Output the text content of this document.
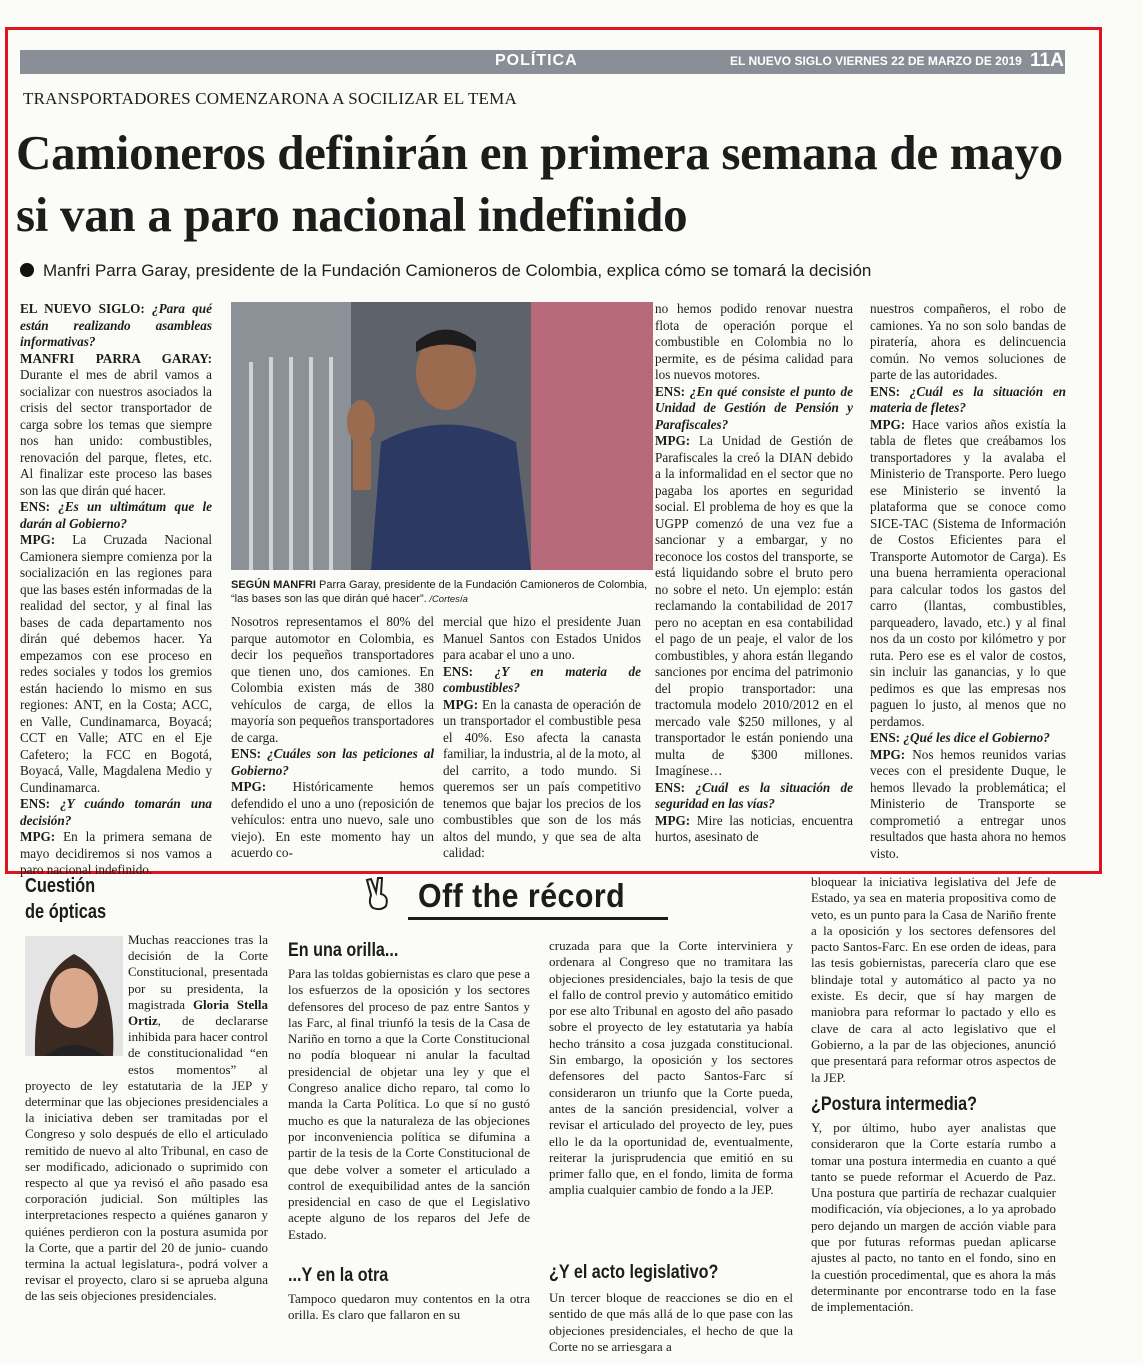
POLÍTICA	EL NUEVO SIGLO VIERNES 22 DE MARZO DE 2019 11A
TRANSPORTADORES COMENZARONA A SOCILIZAR EL TEMA
Camioneros definirán en primera semana de mayo si van a paro nacional indefinido
Manfri Parra Garay, presidente de la Fundación Camioneros de Colombia, explica cómo se tomará la decisión

EL NUEVO SIGLO: ¿Para qué están realizando asambleas informativas?

MANFRI PARRA GARAY: Durante el mes de abril vamos a socializar con nuestros asociados la crisis del sector transportador de carga sobre los temas que siempre nos han unido: combustibles, renovación del parque, fletes, etc. Al finalizar este proceso las bases son las que dirán qué hacer.

ENS: ¿Es un ultimátum que le darán al Gobierno?

MPG: La Cruzada Nacional Camionera siempre comienza por la socialización en las regiones para que las bases estén informadas de la realidad del sector, y al final las bases de cada departamento nos dirán qué debemos hacer. Ya empezamos con ese proceso en redes sociales y todos los gremios están haciendo lo mismo en sus regiones: ANT, en la Costa; ACC, en Valle, Cundinamarca, Boyacá; CCT en Valle; ATC en el Eje Cafetero; la FCC en Bogotá, Boyacá, Valle, Magdalena Medio y Cundinamarca.

ENS: ¿Y cuándo tomarán una decisión?

MPG: En la primera semana de mayo decidiremos si nos vamos a paro nacional indefinido.

SEGÚN MANFRI Parra Garay, presidente de la Fundación Camioneros de Colombia, “las bases son las que dirán qué hacer”. /Cortesía

Nosotros representamos el 80% del parque automotor en Colombia, es decir los pequeños transportadores que tienen uno, dos camiones. En Colombia existen más de 380 vehículos de carga, de ellos la mayoría son pequeños transportadores de carga.

ENS: ¿Cuáles son las peticiones al Gobierno?

MPG: Históricamente hemos defendido el uno a uno (reposición de vehículos: entra uno nuevo, sale uno viejo). En este momento hay un acuerdo co-

mercial que hizo el presidente Juan Manuel Santos con Estados Unidos para acabar el uno a uno.

ENS: ¿Y en materia de combustibles?

MPG: En la canasta de operación de un transportador el combustible pesa el 40%. Eso afecta la canasta familiar, la industria, al de la moto, al del carrito, a todo mundo. Si queremos ser un país competitivo tenemos que bajar los precios de los combustibles que son de los más altos del mundo, y que sea de alta calidad:

no hemos podido renovar nuestra flota de operación porque el combustible en Colombia no lo permite, es de pésima calidad para los nuevos motores.

ENS: ¿En qué consiste el punto de Unidad de Gestión de Pensión y Parafiscales?

MPG: La Unidad de Gestión de Parafiscales la creó la DIAN debido a la informalidad en el sector que no pagaba los aportes en seguridad social. El problema de hoy es que la UGPP comenzó de una vez fue a sancionar y a embargar, y no reconoce los costos del transporte, se está liquidando sobre el bruto pero no sobre el neto. Un ejemplo: están reclamando la contabilidad de 2017 pero no aceptan en esa contabilidad el pago de un peaje, el valor de los combustibles, y ahora están llegando sanciones por encima del patrimonio del propio transportador: una tractomula modelo 2010/2012 en el mercado vale $250 millones, y al transportador le están poniendo una multa de $300 millones. Imagínese…

ENS: ¿Cuál es la situación de seguridad en las vías?

MPG: Mire las noticias, encuentra hurtos, asesinato de

nuestros compañeros, el robo de camiones. Ya no son solo bandas de piratería, ahora es delincuencia común. No vemos soluciones de parte de las autoridades.

ENS: ¿Cuál es la situación en materia de fletes?

MPG: Hace varios años existía la tabla de fletes que creábamos los transportadores y la avalaba el Ministerio de Transporte. Pero luego ese Ministerio se inventó la plataforma que se conoce como SICE-TAC (Sistema de Información de Costos Eficientes para el Transporte Automotor de Carga). Es una buena herramienta operacional para calcular todos los gastos del carro (llantas, combustibles, parqueadero, lavado, etc.) y al final nos da un costo por kilómetro y por ruta. Pero ese es el valor de costos, sin incluir las ganancias, y lo que pedimos es que las empresas nos paguen lo justo, al menos que no perdamos.

ENS: ¿Qué les dice el Gobierno?

MPG: Nos hemos reunidos varias veces con el presidente Duque, le hemos llevado la problemática; el Ministerio de Transporte se comprometió a entregar unos resultados que hasta ahora no hemos visto.

Cuestión
de ópticas
Muchas reacciones tras la decisión de la Corte Constitucional, presentada por su presidenta, la magistrada Gloria Stella Ortiz, de declararse inhibida para hacer control de constitucionalidad “en estos momentos” al proyecto de ley estatutaria de la JEP y determinar que las objeciones presidenciales a la iniciativa deben ser tramitadas por el Congreso y solo después de ello el articulado remitido de nuevo al alto Tribunal, en caso de ser modificado, adicionado o suprimido con respecto al que ya revisó el año pasado esa corporación judicial. Son múltiples las interpretaciones respecto a quiénes ganaron y quiénes perdieron con la postura asumida por la Corte, que a partir del 20 de junio- cuando termina la actual legislatura-, podrá volver a revisar el proyecto, claro si se aprueba alguna de las seis objeciones presidenciales.
Off the récord
En una orilla...
Para las toldas gobiernistas es claro que pese a los esfuerzos de la oposición y los sectores defensores del proceso de paz entre Santos y las Farc, al final triunfó la tesis de la Casa de Nariño en torno a que la Corte Constitucional no podía bloquear ni anular la facultad presidencial de objetar una ley y que el Congreso analice dicho reparo, tal como lo manda la Carta Política. Lo que sí no gustó mucho es que la naturaleza de las objeciones por inconveniencia política se difumina a partir de la tesis de la Corte Constitucional de que debe volver a someter el articulado a control de exequibilidad antes de la sanción presidencial en caso de que el Legislativo acepte alguno de los reparos del Jefe de Estado.
...Y en la otra
Tampoco quedaron muy contentos en la otra orilla. Es claro que fallaron en su
cruzada para que la Corte interviniera y ordenara al Congreso que no tramitara las objeciones presidenciales, bajo la tesis de que el fallo de control previo y automático emitido por ese alto Tribunal en agosto del año pasado sobre el proyecto de ley estatutaria ya había hecho tránsito a cosa juzgada constitucional. Sin embargo, la oposición y los sectores defensores del pacto Santos-Farc sí consideraron un triunfo que la Corte pueda, antes de la sanción presidencial, volver a revisar el articulado del proyecto de ley, pues ello le da la oportunidad de, eventualmente, reiterar la jurisprudencia que emitió en su primer fallo que, en el fondo, limita de forma amplia cualquier cambio de fondo a la JEP.
¿Y el acto legislativo?
Un tercer bloque de reacciones se dio en el sentido de que más allá de lo que pase con las objeciones presidenciales, el hecho de que la Corte no se arriesgara a
bloquear la iniciativa legislativa del Jefe de Estado, ya sea en materia propositiva como de veto, es un punto para la Casa de Nariño frente a la oposición y los sectores defensores del pacto Santos-Farc. En ese orden de ideas, para las tesis gobiernistas, parecería claro que ese blindaje total y automático al pacto ya no existe. Es decir, que sí hay margen de maniobra para reformar lo pactado y ello es clave de cara al acto legislativo que el Gobierno, a la par de las objeciones, anunció que presentará para reformar otros aspectos de la JEP.
¿Postura intermedia?
Y, por último, hubo ayer analistas que consideraron que la Corte estaría rumbo a tomar una postura intermedia en cuanto a qué tanto se puede reformar el Acuerdo de Paz. Una postura que partiría de rechazar cualquier modificación, vía objeciones, a lo ya aprobado pero dejando un margen de acción viable para que por futuras reformas puedan aplicarse ajustes al pacto, no tanto en el fondo, sino en la cuestión procedimental, que es ahora la más determinante por encontrarse todo en la fase de implementación.
